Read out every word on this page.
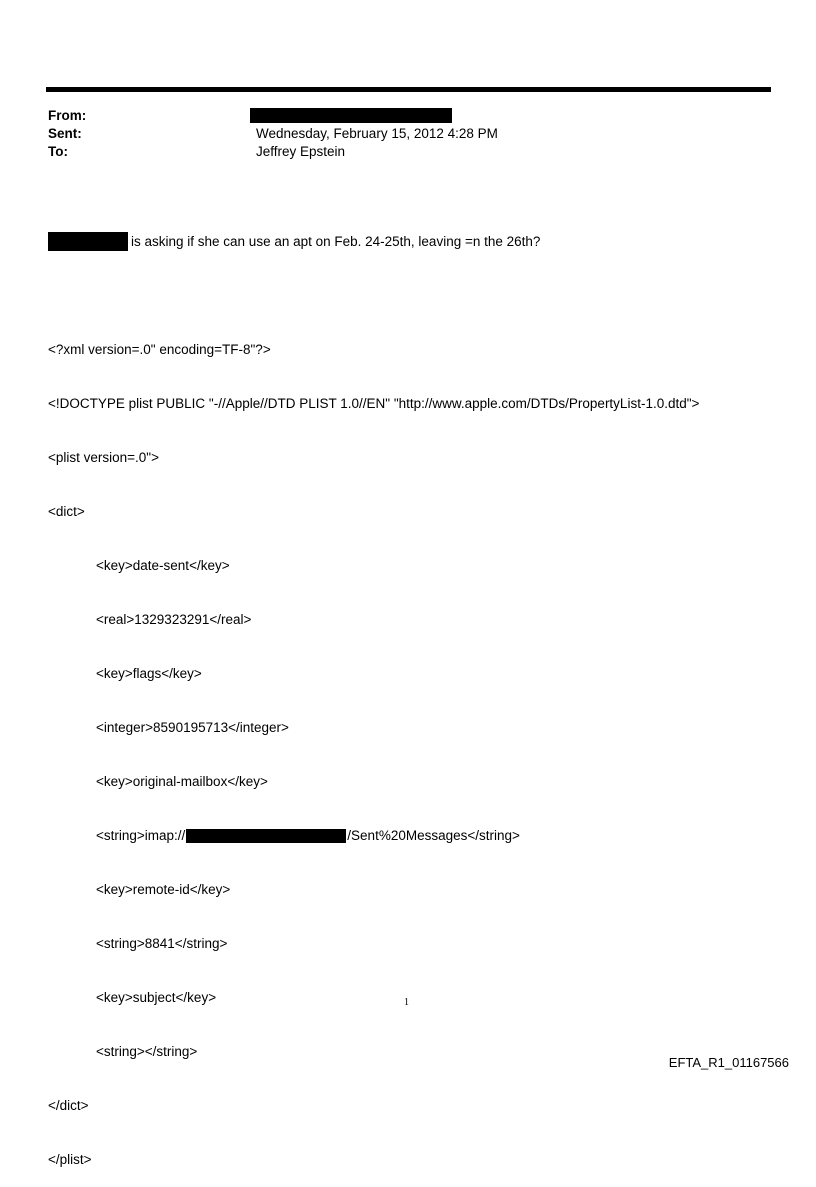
From:
Sent:	Wednesday, February 15, 2012 4:28 PM
To:	Jeffrey Epstein

is asking if she can use an apt on Feb. 24-25th, leaving =n the 26th?

<?xml version=.0" encoding=TF-8"?>

<!DOCTYPE plist PUBLIC "-//Apple//DTD PLIST 1.0//EN" "http://www.apple.com/DTDs/PropertyList-1.0.dtd">

<plist version=.0">

<dict>

<key>date-sent</key>

<real>1329323291</real>

<key>flags</key>

<integer>8590195713</integer>

<key>original-mailbox</key>

<string>imap://	/Sent%20Messages</string>

<key>remote-id</key>

<string>8841</string>

<key>subject</key>

<string></string>

</dict>

</plist>

1
EFTA_R1_01167566
